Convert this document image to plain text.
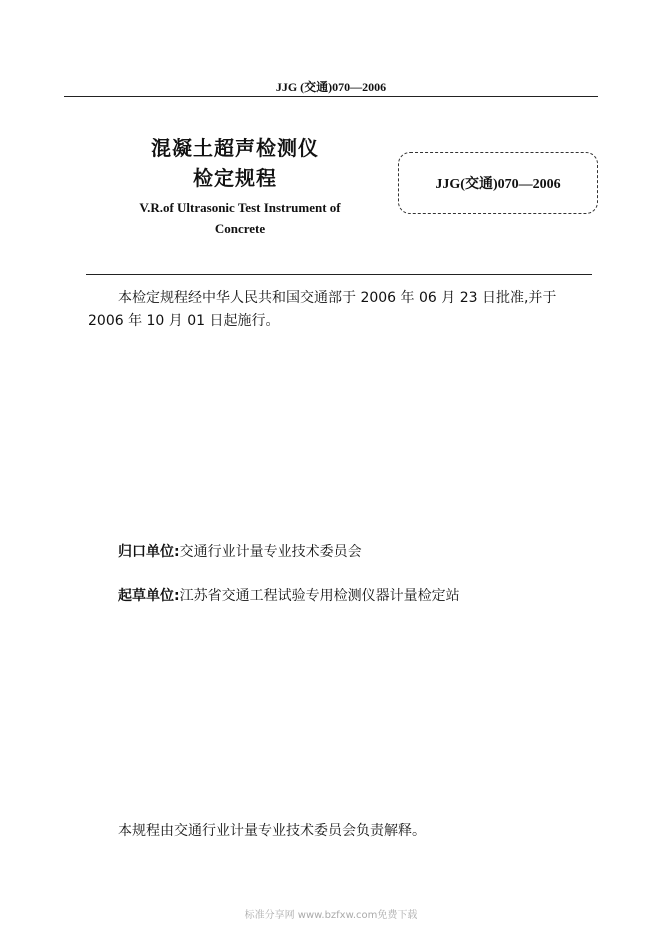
JJG (交通)070—2006
混凝土超声检测仪
检定规程
V.R.of Ultrasonic Test Instrument of
Concrete
JJG(交通)070—2006
本检定规程经中华人民共和国交通部于 2006 年 06 月 23 日批准,并于
2006 年 10 月 01 日起施行。
归口单位:交通行业计量专业技术委员会
起草单位:江苏省交通工程试验专用检测仪器计量检定站
本规程由交通行业计量专业技术委员会负责解释。
标准分享网 www.bzfxw.com免费下载
